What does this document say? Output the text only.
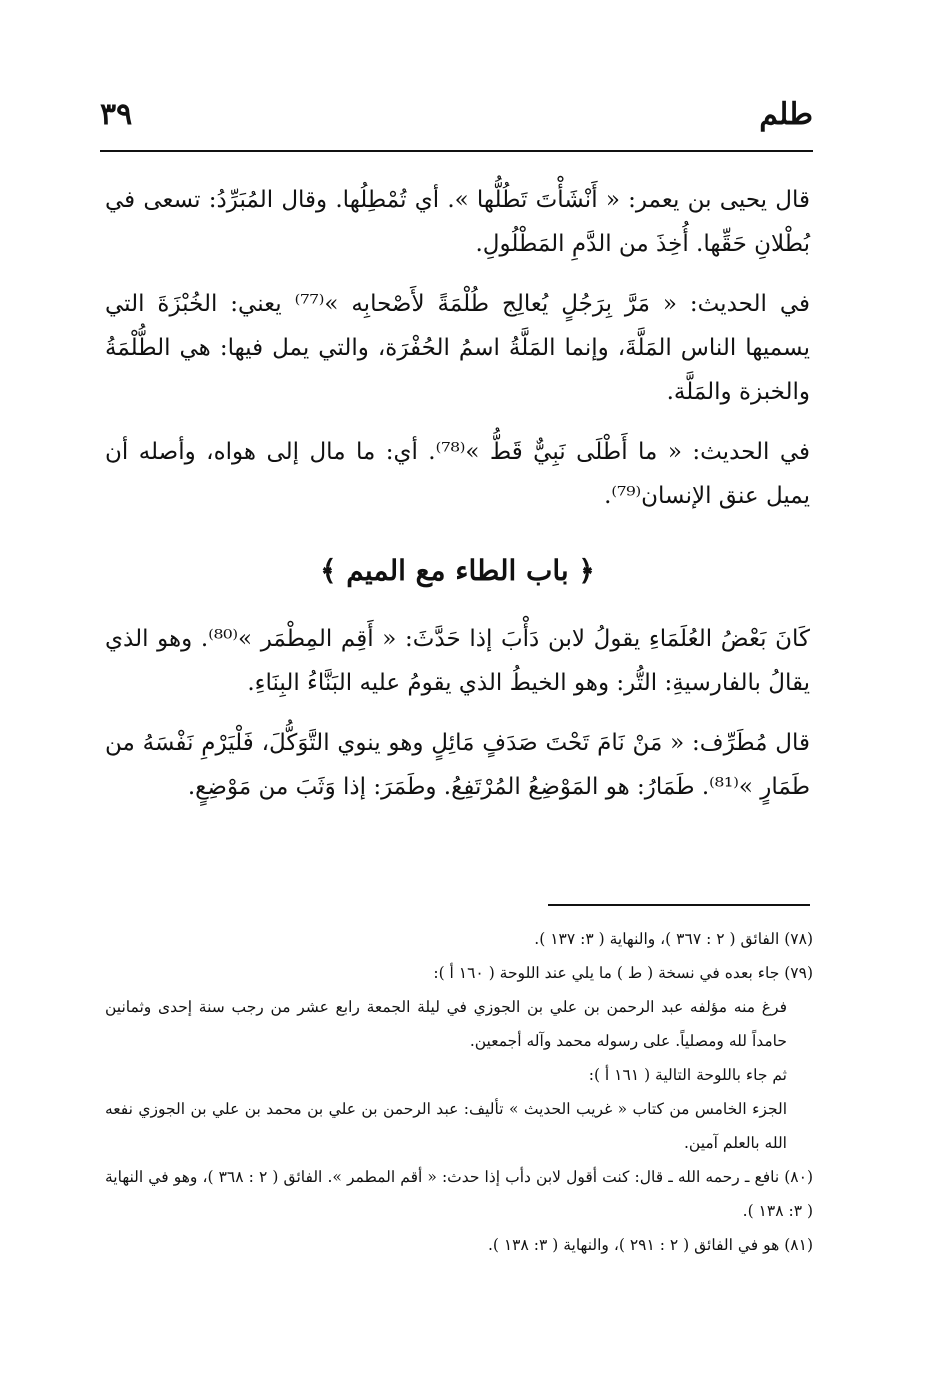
طلم
٣٩

قال يحيى بن يعمر: « أَنْشَأْتَ تَطُلُّها ». أي تُمْطِلُها. وقال المُبَرِّدُ: تسعى في بُطْلانِ حَقِّها. أُخِذَ من الدَّمِ المَطْلُولِ.

في الحديث: « مَرَّ بِرَجُلٍ يُعالِج طُلْمَةً لأَصْحابِه »⁽⁷⁷⁾ يعني: الخُبْزَةَ التي يسميها الناس المَلَّةَ، وإنما المَلَّةُ اسمُ الحُفْرَة، والتي يمل فيها: هي الطُّلْمَةُ والخبزة والمَلَّة.

في الحديث: « ما أَطْلَى نَبِيٌّ قَطُّ »⁽⁷⁸⁾. أي: ما مال إلى هواه، وأصله أن يميل عنق الإنسان⁽⁷⁹⁾.

﴿ باب الطاء مع الميم ﴾

كَانَ بَعْضُ العُلَمَاءِ يقولُ لابن دَأْبَ إذا حَدَّثَ: « أَقِم المِطْمَر »⁽⁸⁰⁾. وهو الذي يقالُ بالفارسيةِ: التُّر: وهو الخيطُ الذي يقومُ عليه البَنَّاءُ البِنَاءِ.

قال مُطَرِّف: « مَنْ نَامَ تَحْتَ صَدَفٍ مَائِلٍ وهو ينوي التَّوَكُّلَ، فَلْيَرْمِ نَفْسَهُ من طَمَارٍ »⁽⁸¹⁾. طَمَارُ: هو المَوْضِعُ المُرْتَفِعُ. وطَمَرَ: إذا وَثَبَ من مَوْضِعٍ.

(٧٨) الفائق ( ٢ : ٣٦٧ )، والنهاية ( ٣: ١٣٧ ).

(٧٩) جاء بعده في نسخة ( ط ) ما يلي عند اللوحة ( ١٦٠ أ ):

فرغ منه مؤلفه عبد الرحمن بن علي بن الجوزي في ليلة الجمعة رابع عشر من رجب سنة إحدى وثمانين حامداً لله ومصلياً. على رسوله محمد وآله أجمعين.

ثم جاء باللوحة التالية ( ١٦١ أ ):

الجزء الخامس من كتاب « غريب الحديث » تأليف: عبد الرحمن بن علي بن محمد بن علي بن الجوزي نفعه الله بالعلم آمين.

(٨٠) نافع ـ رحمه الله ـ قال: كنت أقول لابن دأب إذا حدث: « أقم المطمر ». الفائق ( ٢ : ٣٦٨ )، وهو في النهاية ( ٣: ١٣٨ ).

(٨١) هو في الفائق ( ٢ : ٢٩١ )، والنهاية ( ٣: ١٣٨ ).
